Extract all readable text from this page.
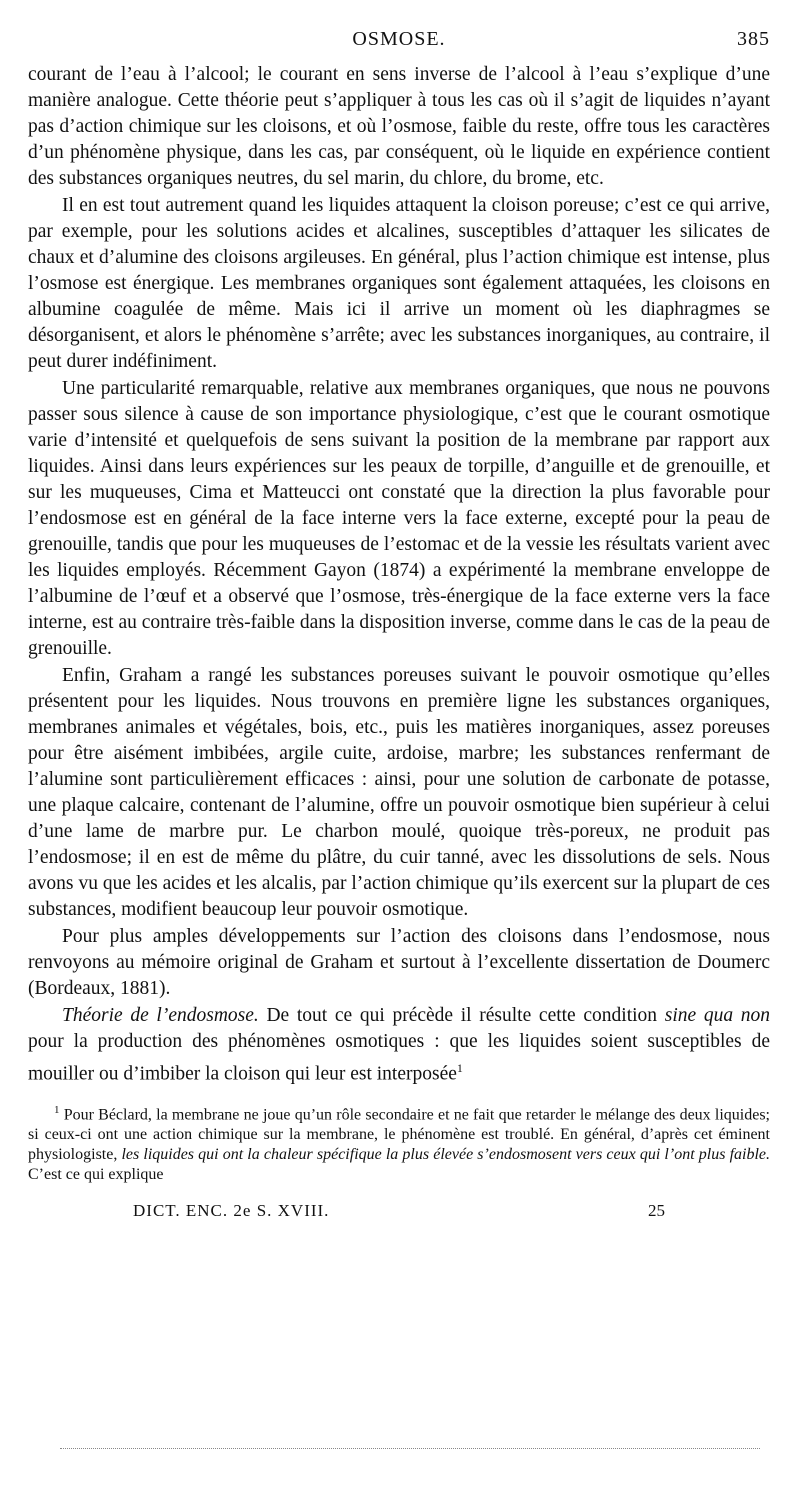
OSMOSE.	385

courant de l’eau à l’alcool; le courant en sens inverse de l’alcool à l’eau s’explique d’une manière analogue. Cette théorie peut s’appliquer à tous les cas où il s’agit de liquides n’ayant pas d’action chimique sur les cloisons, et où l’osmose, faible du reste, offre tous les caractères d’un phénomène physique, dans les cas, par conséquent, où le liquide en expérience contient des substances organiques neutres, du sel marin, du chlore, du brome, etc.

Il en est tout autrement quand les liquides attaquent la cloison poreuse; c’est ce qui arrive, par exemple, pour les solutions acides et alcalines, susceptibles d’attaquer les silicates de chaux et d’alumine des cloisons argileuses. En général, plus l’action chimique est intense, plus l’osmose est énergique. Les membranes organiques sont également attaquées, les cloisons en albumine coagulée de même. Mais ici il arrive un moment où les diaphragmes se désorganisent, et alors le phénomène s’arrête; avec les substances inorganiques, au contraire, il peut durer indéfiniment.

Une particularité remarquable, relative aux membranes organiques, que nous ne pouvons passer sous silence à cause de son importance physiologique, c’est que le courant osmotique varie d’intensité et quelquefois de sens suivant la position de la membrane par rapport aux liquides. Ainsi dans leurs expériences sur les peaux de torpille, d’anguille et de grenouille, et sur les muqueuses, Cima et Matteucci ont constaté que la direction la plus favorable pour l’endosmose est en général de la face interne vers la face externe, excepté pour la peau de grenouille, tandis que pour les muqueuses de l’estomac et de la vessie les résultats varient avec les liquides employés. Récemment Gayon (1874) a expérimenté la membrane enveloppe de l’albumine de l’œuf et a observé que l’osmose, très-énergique de la face externe vers la face interne, est au contraire très-faible dans la disposition inverse, comme dans le cas de la peau de grenouille.

Enfin, Graham a rangé les substances poreuses suivant le pouvoir osmotique qu’elles présentent pour les liquides. Nous trouvons en première ligne les substances organiques, membranes animales et végétales, bois, etc., puis les matières inorganiques, assez poreuses pour être aisément imbibées, argile cuite, ardoise, marbre; les substances renfermant de l’alumine sont particulièrement efficaces : ainsi, pour une solution de carbonate de potasse, une plaque calcaire, contenant de l’alumine, offre un pouvoir osmotique bien supérieur à celui d’une lame de marbre pur. Le charbon moulé, quoique très-poreux, ne produit pas l’endosmose; il en est de même du plâtre, du cuir tanné, avec les dissolutions de sels. Nous avons vu que les acides et les alcalis, par l’action chimique qu’ils exercent sur la plupart de ces substances, modifient beaucoup leur pouvoir osmotique.

Pour plus amples développements sur l’action des cloisons dans l’endosmose, nous renvoyons au mémoire original de Graham et surtout à l’excellente dissertation de Doumerc (Bordeaux, 1881).

Théorie de l’endosmose. De tout ce qui précède il résulte cette condition sine qua non pour la production des phénomènes osmotiques : que les liquides soient susceptibles de mouiller ou d’imbiber la cloison qui leur est interposée$^1$

$^1$ Pour Béclard, la membrane ne joue qu’un rôle secondaire et ne fait que retarder le mélange des deux liquides; si ceux-ci ont une action chimique sur la membrane, le phénomène est troublé. En général, d’après cet éminent physiologiste, les liquides qui ont la chaleur spécifique la plus élevée s’endosmosent vers ceux qui l’ont plus faible. C’est ce qui explique
DICT. ENC. 2e S. XVIII.	25
